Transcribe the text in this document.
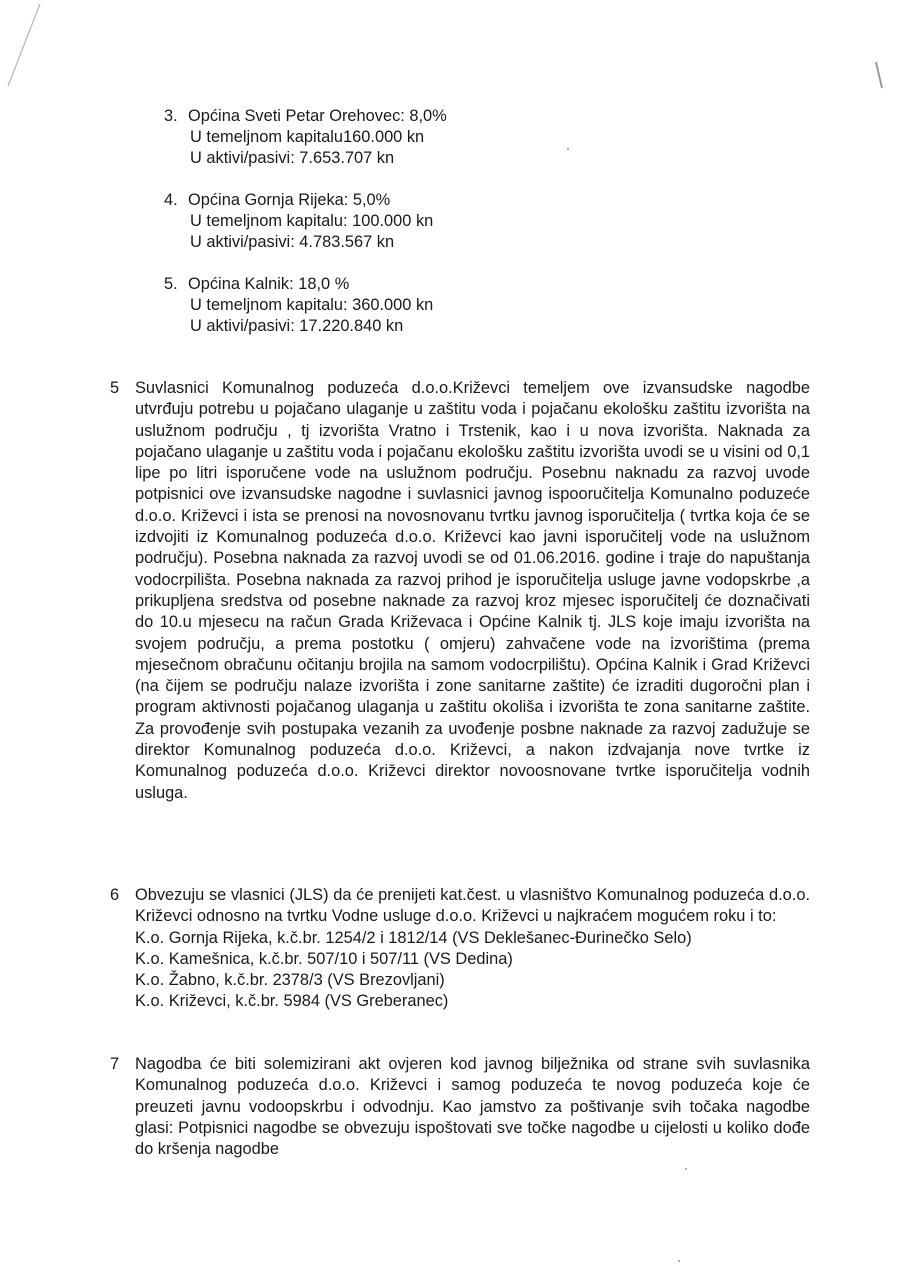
3. Općina Sveti Petar Orehovec: 8,0%
U temeljnom kapitalu160.000 kn
U aktivi/pasivi: 7.653.707 kn
4. Općina Gornja Rijeka: 5,0%
U temeljnom kapitalu: 100.000 kn
U aktivi/pasivi: 4.783.567 kn
5. Općina Kalnik: 18,0 %
U temeljnom kapitalu: 360.000 kn
U aktivi/pasivi: 17.220.840 kn
5 Suvlasnici Komunalnog poduzeća d.o.o.Križevci temeljem ove izvansudske nagodbe utvrđuju potrebu u pojačano ulaganje u zaštitu voda i pojačanu ekološku zaštitu izvorišta na uslužnom području , tj izvorišta Vratno i Trstenik, kao i u nova izvorišta. Naknada za pojačano ulaganje u zaštitu voda i pojačanu ekološku zaštitu izvorišta uvodi se u visini od 0,1 lipe po litri isporučene vode na uslužnom području. Posebnu naknadu za razvoj uvode potpisnici ove izvansudske nagodne i suvlasnici javnog ispooručitelja Komunalno poduzeće d.o.o. Križevci i ista se prenosi na novosnovanu tvrtku javnog isporučitelja ( tvrtka koja će se izdvojiti iz Komunalnog poduzeća d.o.o. Križevci kao javni isporučitelj vode na uslužnom području). Posebna naknada za razvoj uvodi se od 01.06.2016. godine i traje do napuštanja vodocrpilišta. Posebna naknada za razvoj prihod je isporučitelja usluge javne vodopskrbe ,a prikupljena sredstva od posebne naknade za razvoj kroz mjesec isporučitelj će doznačivati do 10.u mjesecu na račun Grada Križevaca i Općine Kalnik tj. JLS koje imaju izvorišta na svojem području, a prema postotku ( omjeru) zahvačene vode na izvorištima (prema mjesečnom obračunu očitanju brojila na samom vodocrpilištu). Općina Kalnik i Grad Križevci (na čijem se području nalaze izvorišta i zone sanitarne zaštite) će izraditi dugoročni plan i program aktivnosti pojačanog ulaganja u zaštitu okoliša i izvorišta te zona sanitarne zaštite. Za provođenje svih postupaka vezanih za uvođenje posbne naknade za razvoj zadužuje se direktor Komunalnog poduzeća d.o.o. Križevci, a nakon izdvajanja nove tvrtke iz Komunalnog poduzeća d.o.o. Križevci direktor novoosnovane tvrtke isporučitelja vodnih usluga.

6 Obvezuju se vlasnici (JLS) da će prenijeti kat.čest. u vlasništvo Komunalnog poduzeća d.o.o. Križevci odnosno na tvrtku Vodne usluge d.o.o. Križevci u najkraćem mogućem roku i to:

K.o. Gornja Rijeka, k.č.br. 1254/2 i 1812/14 (VS Deklešanec-Đurinečko Selo)
K.o. Kamešnica, k.č.br. 507/10 i 507/11 (VS Dedina)
K.o. Žabno, k.č.br. 2378/3 (VS Brezovljani)
K.o. Križevci, k.č.br. 5984 (VS Greberanec)
7 Nagodba će biti solemizirani akt ovjeren kod javnog bilježnika od strane svih suvlasnika Komunalnog poduzeća d.o.o. Križevci i samog poduzeća te novog poduzeća koje će preuzeti javnu vodoopskrbu i odvodnju. Kao jamstvo za poštivanje svih točaka nagodbe glasi: Potpisnici nagodbe se obvezuju ispoštovati sve točke nagodbe u cijelosti u koliko dođe do kršenja nagodbe
